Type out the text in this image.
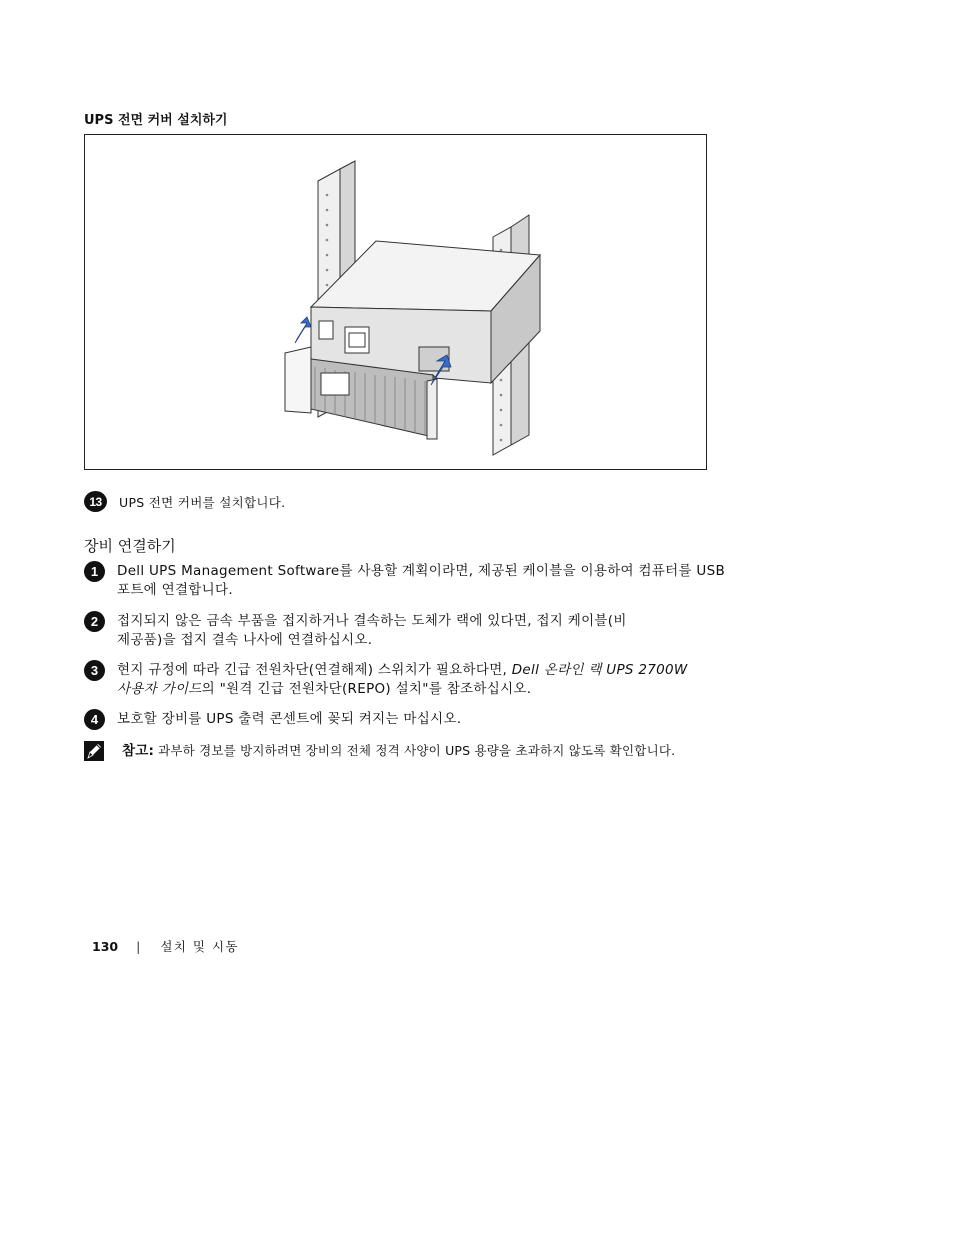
UPS 전면 커버 설치하기
13	UPS 전면 커버를 설치합니다.
장비 연결하기
1	Dell UPS Management Software를 사용할 계획이라면, 제공된 케이블을 이용하여 컴퓨터를 USB
포트에 연결합니다.
2	접지되지 않은 금속 부품을 접지하거나 결속하는 도체가 랙에 있다면, 접지 케이블(비
제공품)을 접지 결속 나사에 연결하십시오.
3	현지 규정에 따라 긴급 전원차단(연결해제) 스위치가 필요하다면, Dell 온라인 랙 UPS 2700W
사용자 가이드의 "원격 긴급 전원차단(REPO) 설치"를 참조하십시오.
4	보호할 장비를 UPS 출력 콘센트에 꽂되 켜지는 마십시오.
참고: 과부하 경보를 방지하려면 장비의 전체 정격 사양이 UPS 용량을 초과하지 않도록 확인합니다.
130 | 설치 및 시동
